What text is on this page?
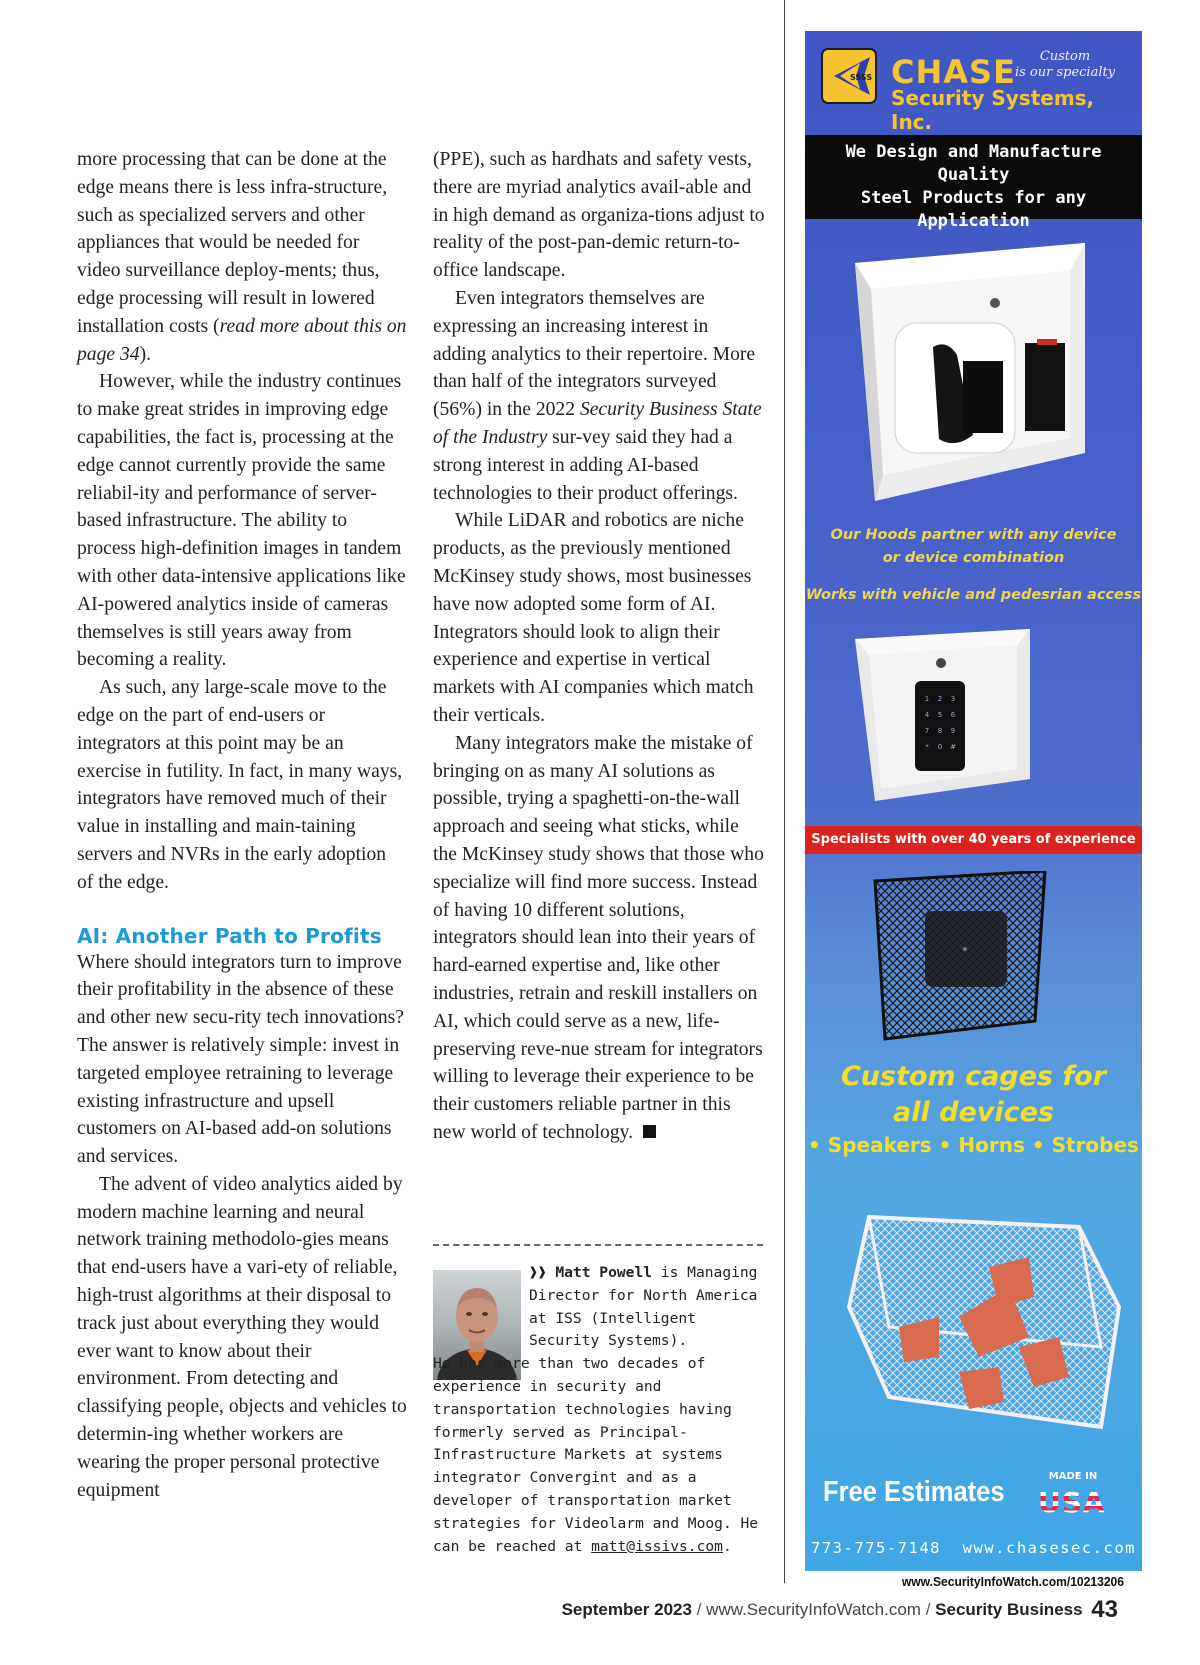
more processing that can be done at the edge means there is less infra-structure, such as specialized servers and other appliances that would be needed for video surveillance deploy-ments; thus, edge processing will result in lowered installation costs (read more about this on page 34).

However, while the industry continues to make great strides in improving edge capabilities, the fact is, processing at the edge cannot currently provide the same reliabil-ity and performance of server-based infrastructure. The ability to process high-definition images in tandem with other data-intensive applications like AI-powered analytics inside of cameras themselves is still years away from becoming a reality.

As such, any large-scale move to the edge on the part of end-users or integrators at this point may be an exercise in futility. In fact, in many ways, integrators have removed much of their value in installing and main-taining servers and NVRs in the early adoption of the edge.

AI: Another Path to Profits

Where should integrators turn to improve their profitability in the absence of these and other new secu-rity tech innovations? The answer is relatively simple: invest in targeted employee retraining to leverage existing infrastructure and upsell customers on AI-based add-on solutions and services.

The advent of video analytics aided by modern machine learning and neural network training methodolo-gies means that end-users have a vari-ety of reliable, high-trust algorithms at their disposal to track just about everything they would ever want to know about their environment. From detecting and classifying people, objects and vehicles to determin-ing whether workers are wearing the proper personal protective equipment

(PPE), such as hardhats and safety vests, there are myriad analytics avail-able and in high demand as organiza-tions adjust to reality of the post-pan-demic return-to-office landscape.

Even integrators themselves are expressing an increasing interest in adding analytics to their repertoire. More than half of the integrators surveyed (56%) in the 2022 Security Business State of the Industry sur-vey said they had a strong interest in adding AI-based technologies to their product offerings.

While LiDAR and robotics are niche products, as the previously mentioned McKinsey study shows, most businesses have now adopted some form of AI. Integrators should look to align their experience and expertise in vertical markets with AI companies which match their verticals.

Many integrators make the mistake of bringing on as many AI solutions as possible, trying a spaghetti-on-the-wall approach and seeing what sticks, while the McKinsey study shows that those who specialize will find more success. Instead of having 10 different solutions, integrators should lean into their years of hard-earned expertise and, like other industries, retrain and reskill installers on AI, which could serve as a new, life-preserving reve-nue stream for integrators willing to leverage their experience to be their customers reliable partner in this new world of technology.

❱❱ Matt Powell is Managing Director for North America at ISS (Intelligent Security Systems).
He has more than two decades of experience in security and transportation technologies having formerly served as Principal-Infrastructure Markets at systems integrator Convergint and as a developer of transportation market strategies for Videolarm and Moog. He can be reached at matt@issivs.com.
SSSS CHASE
Security Systems, Inc.
Custom
is our specialty
We Design and Manufacture
Quality
Steel Products for any Application
Our Hoods partner with any device
or device combination
Works with vehicle and pedesrian access
1 2 3
4 5 6
7 8 9
* 0 #
Specialists with over 40 years of experience
Custom cages for
all devices
• Speakers • Horns • Strobes
Free Estimates	MADE IN
USA
773-775-7148 www.chasesec.com
www.SecurityInfoWatch.com/10213206
September 2023 / www.SecurityInfoWatch.com / Security Business 43
